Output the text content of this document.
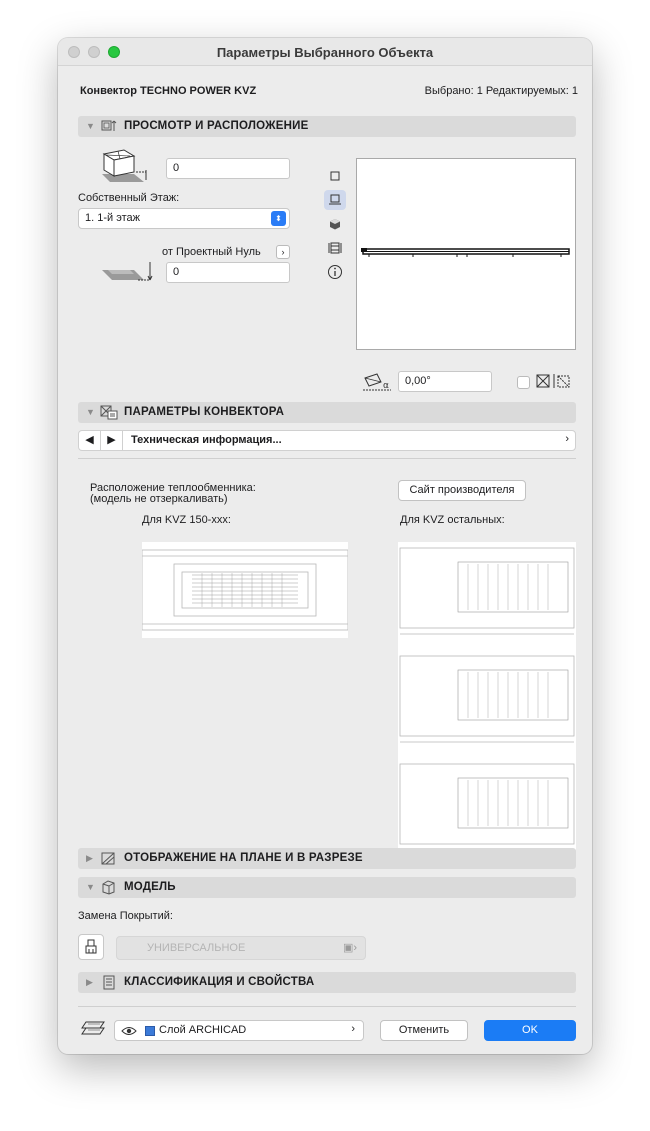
Параметры Выбранного Объекта
Конвектор TECHNO POWER KVZ	Выбрано: 1 Редактируемых: 1
▼	ПРОСМОТР И РАСПОЛОЖЕНИЕ
0
Собственный Этаж:
1. 1-й этаж	⬍
от Проектный Нуль	›
0
α	0,00°
▼	ПАРАМЕТРЫ КОНВЕКТОРА
◀	▶	Техническая информация...	›
Расположение теплообменника:
(модель не отзеркаливать)
Сайт производителя
Для KVZ 150-xxx:	Для KVZ остальных:
▶	ОТОБРАЖЕНИЕ НА ПЛАНЕ И В РАЗРЕЗЕ
▼	МОДЕЛЬ
Замена Покрытий:
УНИВЕРСАЛЬНОЕ	▣›
▶	КЛАССИФИКАЦИЯ И СВОЙСТВА
Слой ARCHICAD	›	Отменить	OK
